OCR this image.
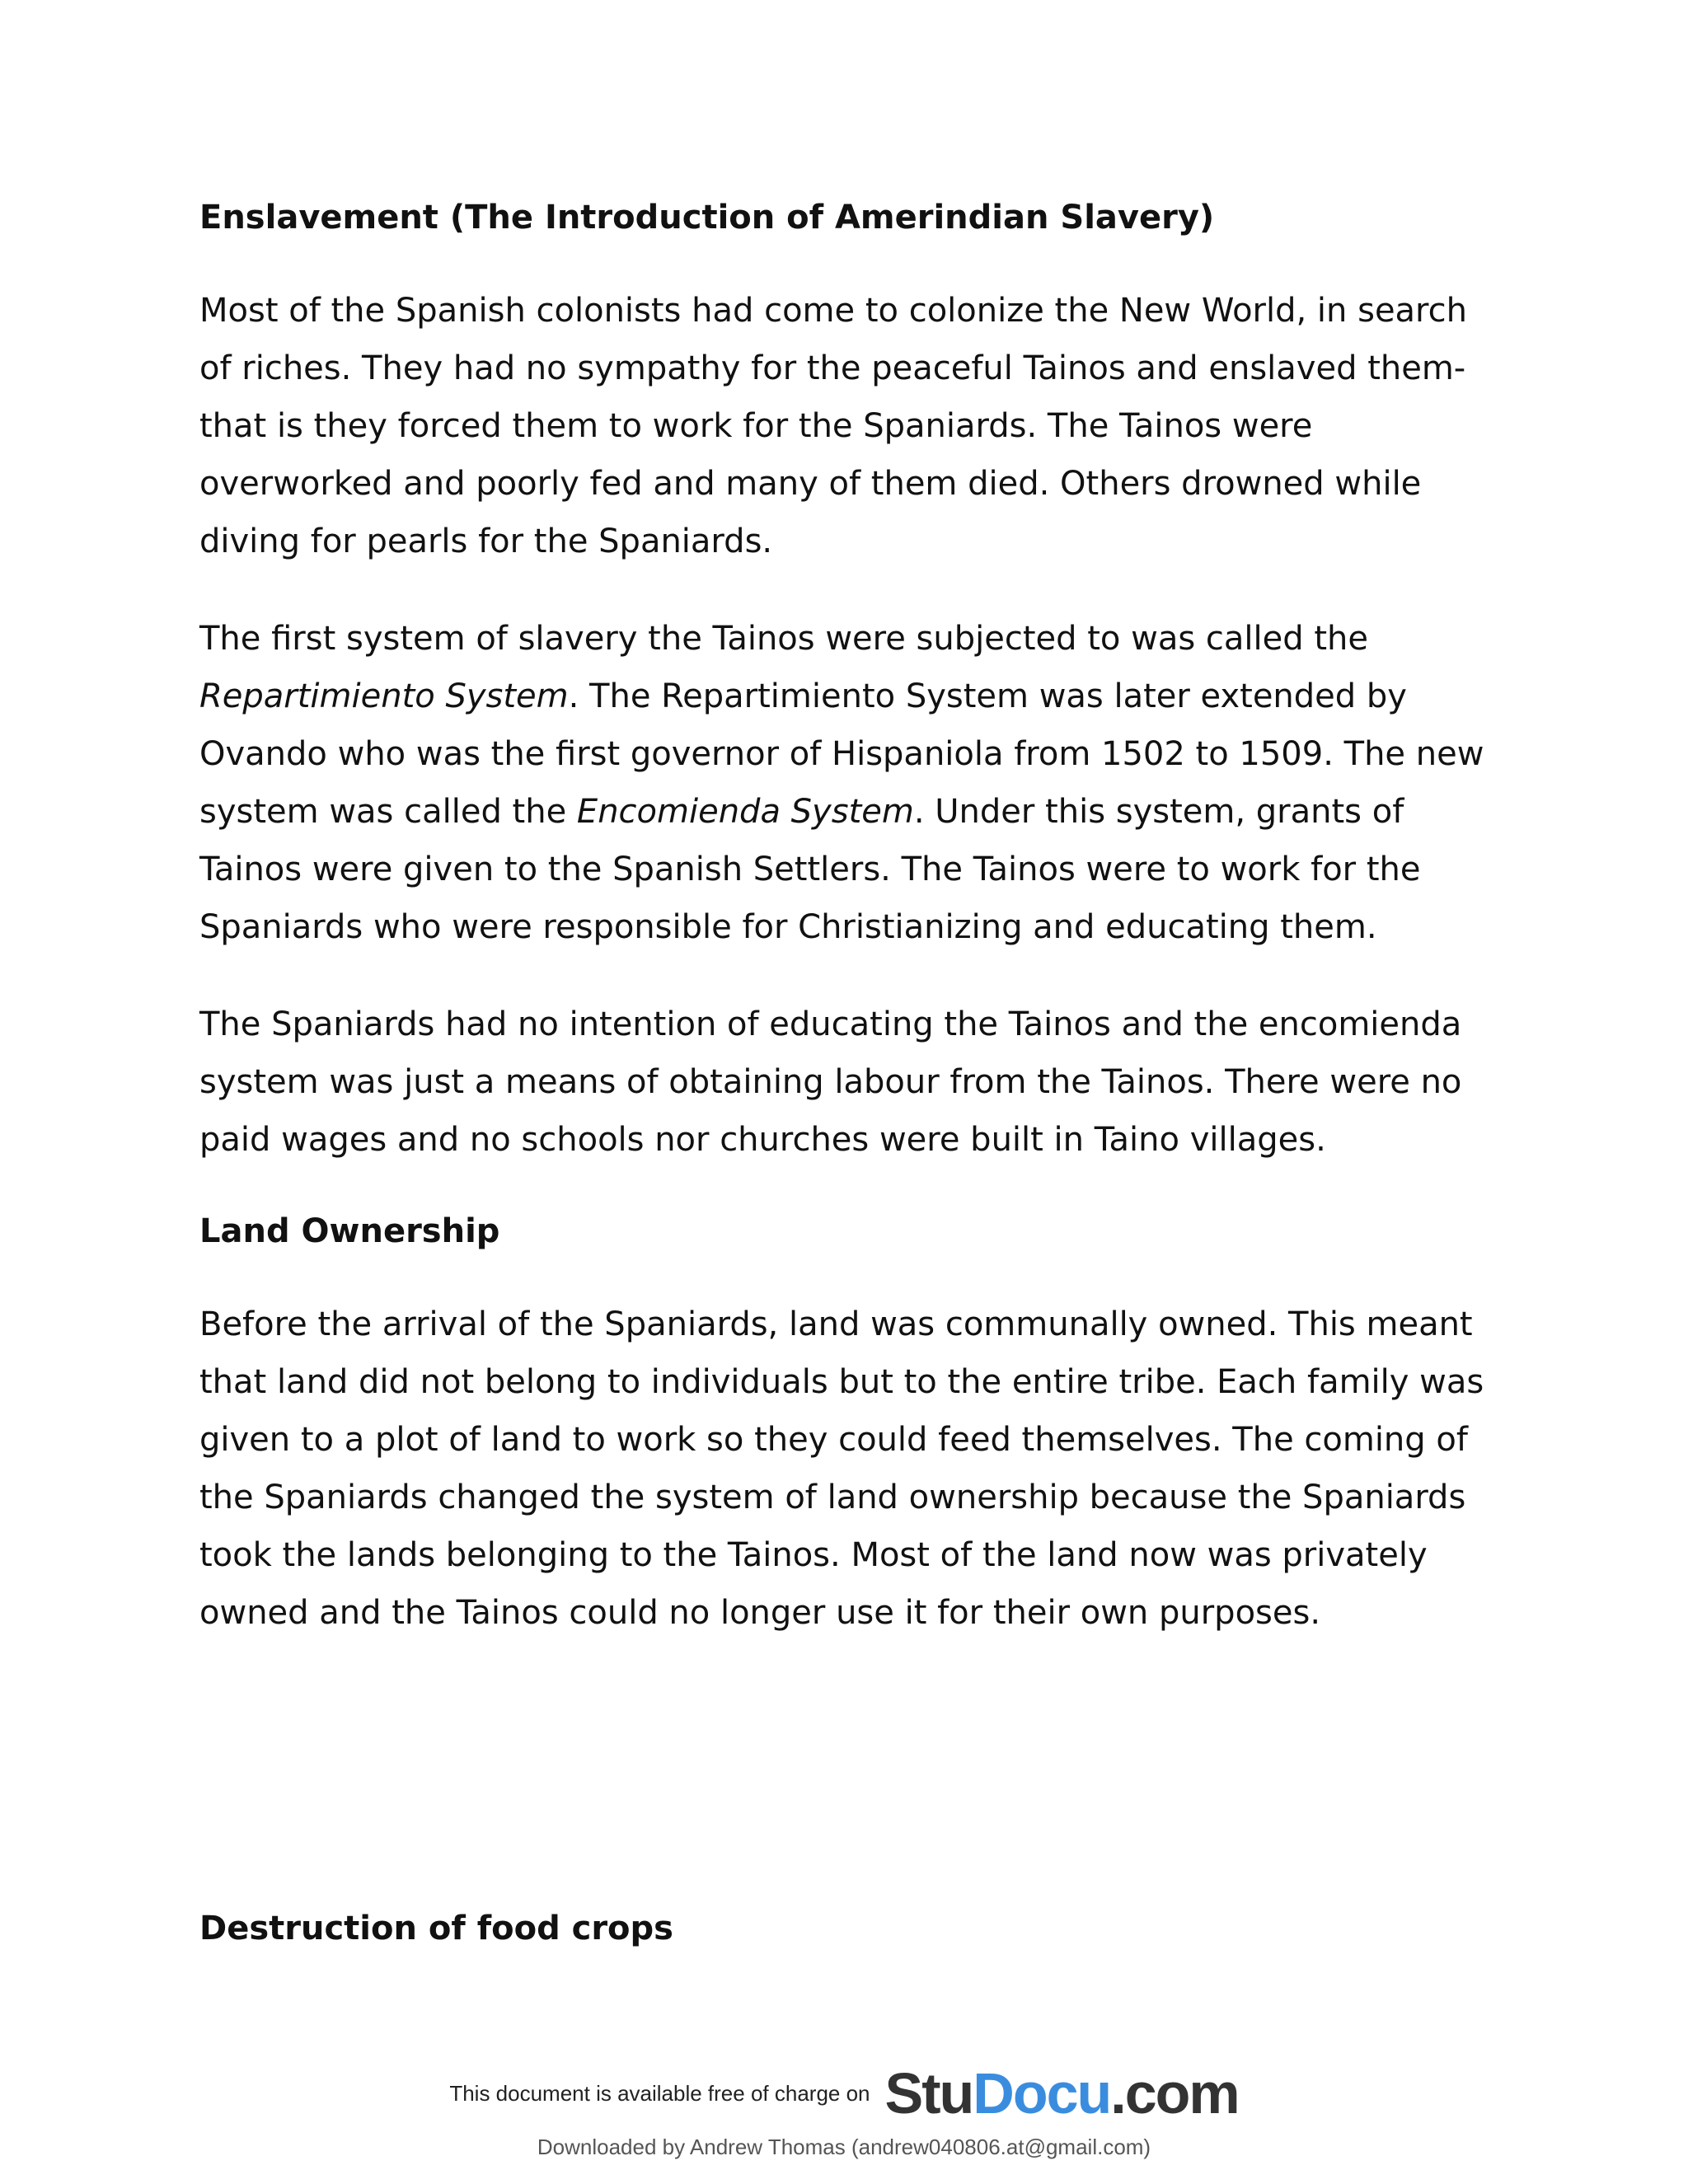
Enslavement (The Introduction of Amerindian Slavery)

Most of the Spanish colonists had come to colonize the New World, in search of riches. They had no sympathy for the peaceful Tainos and enslaved them- that is they forced them to work for the Spaniards. The Tainos were overworked and poorly fed and many of them died. Others drowned while diving for pearls for the Spaniards.

The first system of slavery the Tainos were subjected to was called the Repartimiento System. The Repartimiento System was later extended by Ovando who was the first governor of Hispaniola from 1502 to 1509. The new system was called the Encomienda System. Under this system, grants of Tainos were given to the Spanish Settlers. The Tainos were to work for the Spaniards who were responsible for Christianizing and educating them.

The Spaniards had no intention of educating the Tainos and the encomienda system was just a means of obtaining labour from the Tainos. There were no paid wages and no schools nor churches were built in Taino villages.

Land Ownership

Before the arrival of the Spaniards, land was communally owned. This meant that land did not belong to individuals but to the entire tribe. Each family was given to a plot of land to work so they could feed themselves. The coming of the Spaniards changed the system of land ownership because the Spaniards took the lands belonging to the Tainos. Most of the land now was privately owned and the Tainos could no longer use it for their own purposes.

Destruction of food crops
This document is available free of charge on StuDocu.com
Downloaded by Andrew Thomas (andrew040806.at@gmail.com)
